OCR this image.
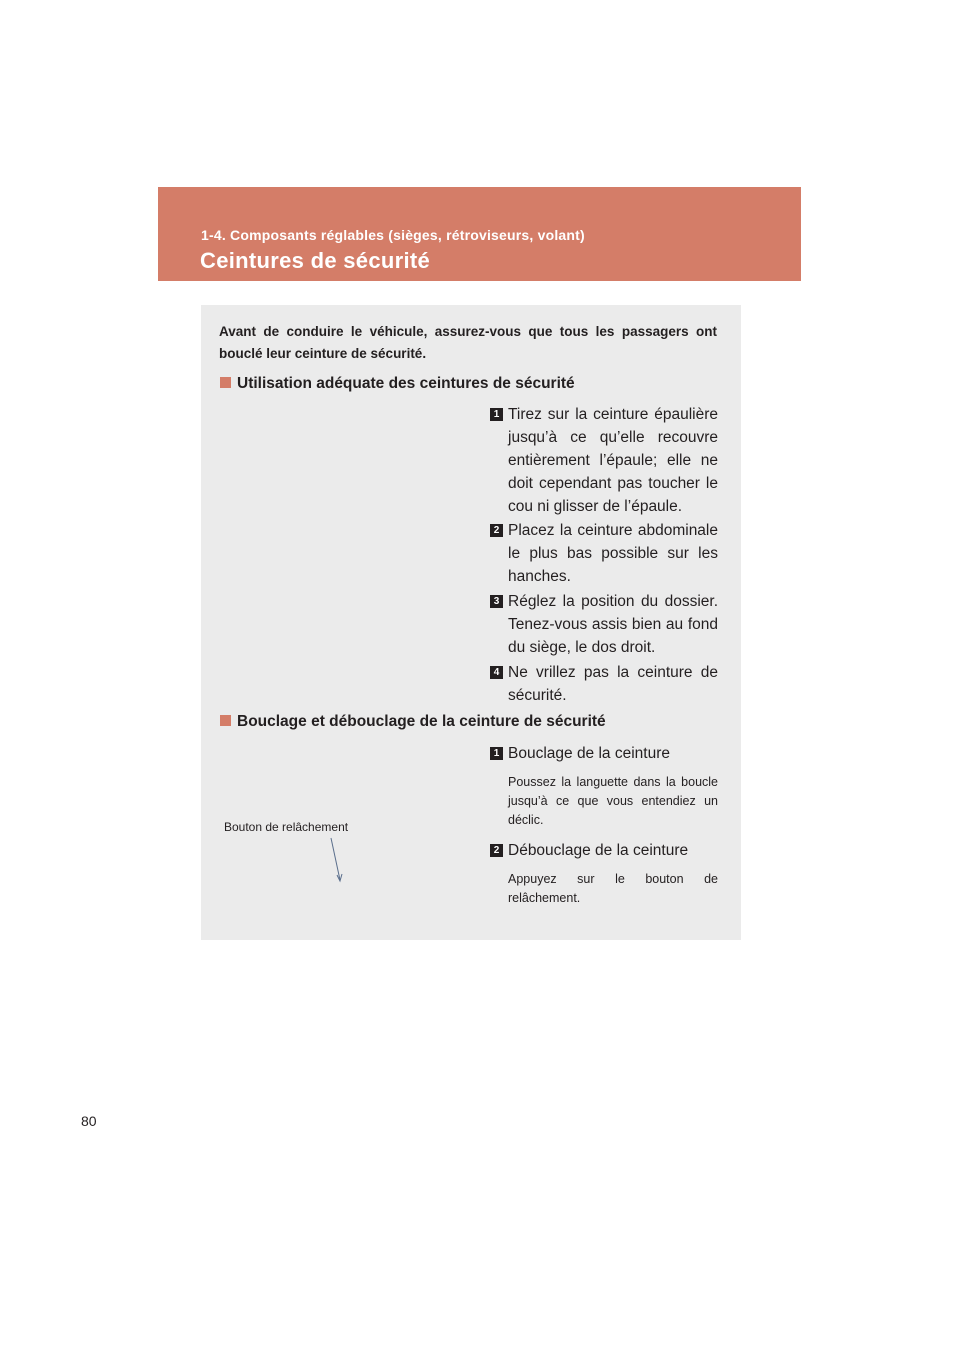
1-4. Composants réglables (sièges, rétroviseurs, volant)
Ceintures de sécurité
Avant de conduire le véhicule, assurez-vous que tous les passagers ont bouclé leur ceinture de sécurité.
Utilisation adéquate des ceintures de sécurité
1 Tirez sur la ceinture épaulière jusqu’à ce qu’elle recouvre entièrement l’épaule; elle ne doit cependant pas toucher le cou ni glisser de l’épaule.
2 Placez la ceinture abdominale le plus bas possible sur les hanches.
3 Réglez la position du dossier. Tenez-vous assis bien au fond du siège, le dos droit.
4 Ne vrillez pas la ceinture de sécurité.
Bouclage et débouclage de la ceinture de sécurité
1 Bouclage de la ceinture
Poussez la languette dans la boucle jusqu’à ce que vous entendiez un déclic.
2 Débouclage de la ceinture
Appuyez sur le bouton de relâchement.
Bouton de relâchement
80
